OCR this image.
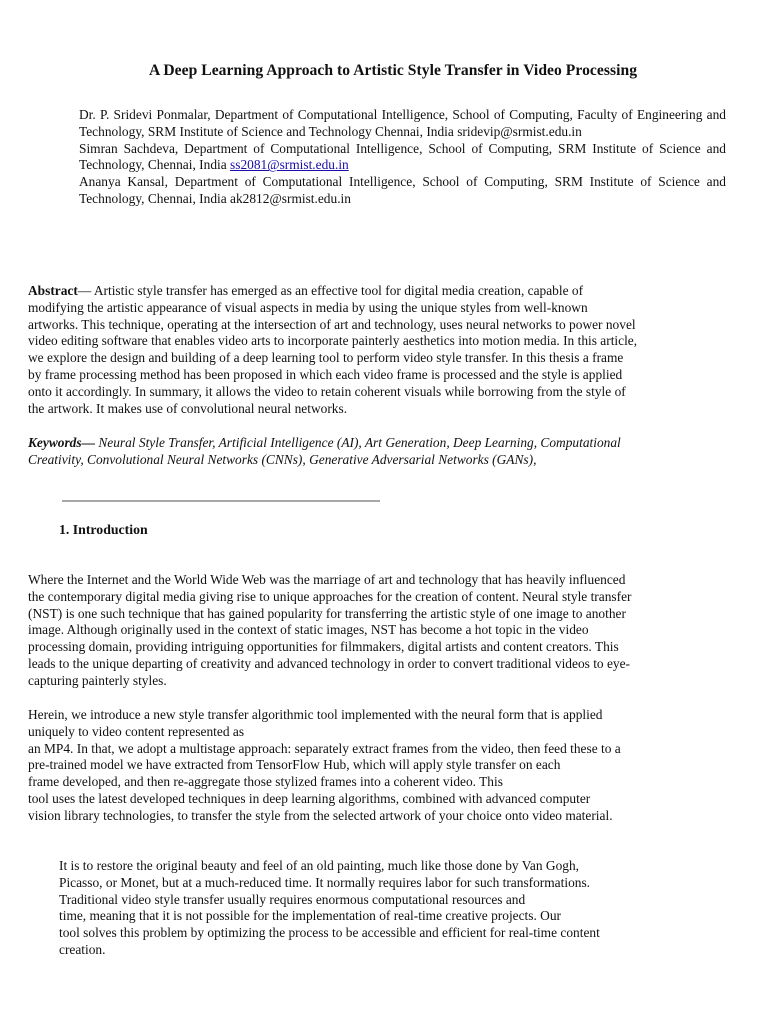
A Deep Learning Approach to Artistic Style Transfer in Video Processing

Dr. P. Sridevi Ponmalar, Department of Computational Intelligence, School of Computing, Faculty of Engineering and Technology, SRM Institute of Science and Technology Chennai, India sridevip@srmist.edu.in

Simran Sachdeva, Department of Computational Intelligence, School of Computing, SRM Institute of Science and Technology, Chennai, India ss2081@srmist.edu.in

Ananya Kansal, Department of Computational Intelligence, School of Computing, SRM Institute of Science and Technology, Chennai, India ak2812@srmist.edu.in

Abstract— Artistic style transfer has emerged as an effective tool for digital media creation, capable of
modifying the artistic appearance of visual aspects in media by using the unique styles from well-known
artworks. This technique, operating at the intersection of art and technology, uses neural networks to power novel
video editing software that enables video arts to incorporate painterly aesthetics into motion media. In this article,
we explore the design and building of a deep learning tool to perform video style transfer. In this thesis a frame
by frame processing method has been proposed in which each video frame is processed and the style is applied
onto it accordingly. In summary, it allows the video to retain coherent visuals while borrowing from the style of
the artwork. It makes use of convolutional neural networks.
Keywords— Neural Style Transfer, Artificial Intelligence (AI), Art Generation, Deep Learning, Computational
Creativity, Convolutional Neural Networks (CNNs), Generative Adversarial Networks (GANs),
1. Introduction
Where the Internet and the World Wide Web was the marriage of art and technology that has heavily influenced
the contemporary digital media giving rise to unique approaches for the creation of content. Neural style transfer
(NST) is one such technique that has gained popularity for transferring the artistic style of one image to another
image. Although originally used in the context of static images, NST has become a hot topic in the video
processing domain, providing intriguing opportunities for filmmakers, digital artists and content creators. This
leads to the unique departing of creativity and advanced technology in order to convert traditional videos to eye-
capturing painterly styles.
Herein, we introduce a new style transfer algorithmic tool implemented with the neural form that is applied
uniquely to video content represented as
an MP4. In that, we adopt a multistage approach: separately extract frames from the video, then feed these to a
pre-trained model we have extracted from TensorFlow Hub, which will apply style transfer on each
frame developed, and then re-aggregate those stylized frames into a coherent video. This
tool uses the latest developed techniques in deep learning algorithms, combined with advanced computer
vision library technologies, to transfer the style from the selected artwork of your choice onto video material.
It is to restore the original beauty and feel of an old painting, much like those done by Van Gogh,
Picasso, or Monet, but at a much-reduced time. It normally requires labor for such transformations.
Traditional video style transfer usually requires enormous computational resources and
time, meaning that it is not possible for the implementation of real-time creative projects. Our
tool solves this problem by optimizing the process to be accessible and efficient for real-time content
creation.
